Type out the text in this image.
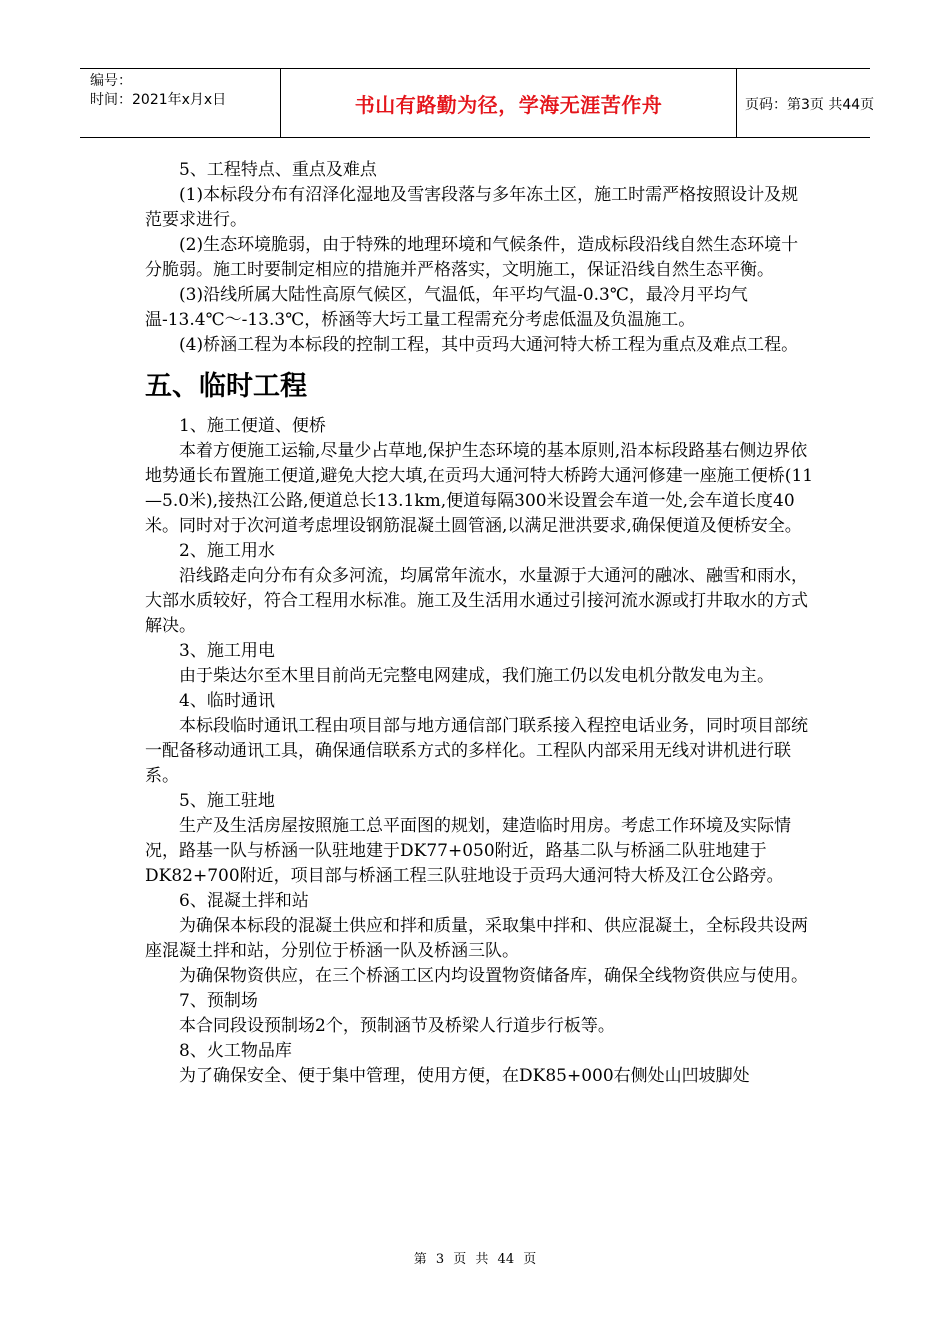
编号：
时间：2021年x月x日	书山有路勤为径，学海无涯苦作舟	页码：第3页 共44页

5、工程特点、重点及难点

(1)本标段分布有沼泽化湿地及雪害段落与多年冻土区，施工时需严格按照设计及规范要求进行。

(2)生态环境脆弱，由于特殊的地理环境和气候条件，造成标段沿线自然生态环境十分脆弱。施工时要制定相应的措施并严格落实，文明施工，保证沿线自然生态平衡。

(3)沿线所属大陆性高原气候区，气温低，年平均气温-0.3℃，最冷月平均气温-13.4℃～-13.3℃，桥涵等大圬工量工程需充分考虑低温及负温施工。

(4)桥涵工程为本标段的控制工程，其中贡玛大通河特大桥工程为重点及难点工程。

五、临时工程

1、施工便道、便桥

本着方便施工运输,尽量少占草地,保护生态环境的基本原则,沿本标段路基右侧边界依地势通长布置施工便道,避免大挖大填,在贡玛大通河特大桥跨大通河修建一座施工便桥(11—5.0米),接热江公路,便道总长13.1km,便道每隔300米设置会车道一处,会车道长度40米。同时对于次河道考虑埋设钢筋混凝土圆管涵,以满足泄洪要求,确保便道及便桥安全。

2、施工用水

沿线路走向分布有众多河流，均属常年流水，水量源于大通河的融冰、融雪和雨水，大部水质较好，符合工程用水标准。施工及生活用水通过引接河流水源或打井取水的方式解决。

3、施工用电

由于柴达尔至木里目前尚无完整电网建成，我们施工仍以发电机分散发电为主。

4、临时通讯

本标段临时通讯工程由项目部与地方通信部门联系接入程控电话业务，同时项目部统一配备移动通讯工具，确保通信联系方式的多样化。工程队内部采用无线对讲机进行联系。

5、施工驻地

生产及生活房屋按照施工总平面图的规划，建造临时用房。考虑工作环境及实际情况，路基一队与桥涵一队驻地建于DK77+050附近，路基二队与桥涵二队驻地建于DK82+700附近，项目部与桥涵工程三队驻地设于贡玛大通河特大桥及江仓公路旁。

6、混凝土拌和站

为确保本标段的混凝土供应和拌和质量，采取集中拌和、供应混凝土，全标段共设两座混凝土拌和站，分别位于桥涵一队及桥涵三队。

为确保物资供应，在三个桥涵工区内均设置物资储备库，确保全线物资供应与使用。

7、预制场

本合同段设预制场2个，预制涵节及桥梁人行道步行板等。

8、火工物品库

为了确保安全、便于集中管理，使用方便，在DK85+000右侧处山凹坡脚处

第 3 页 共 44 页
